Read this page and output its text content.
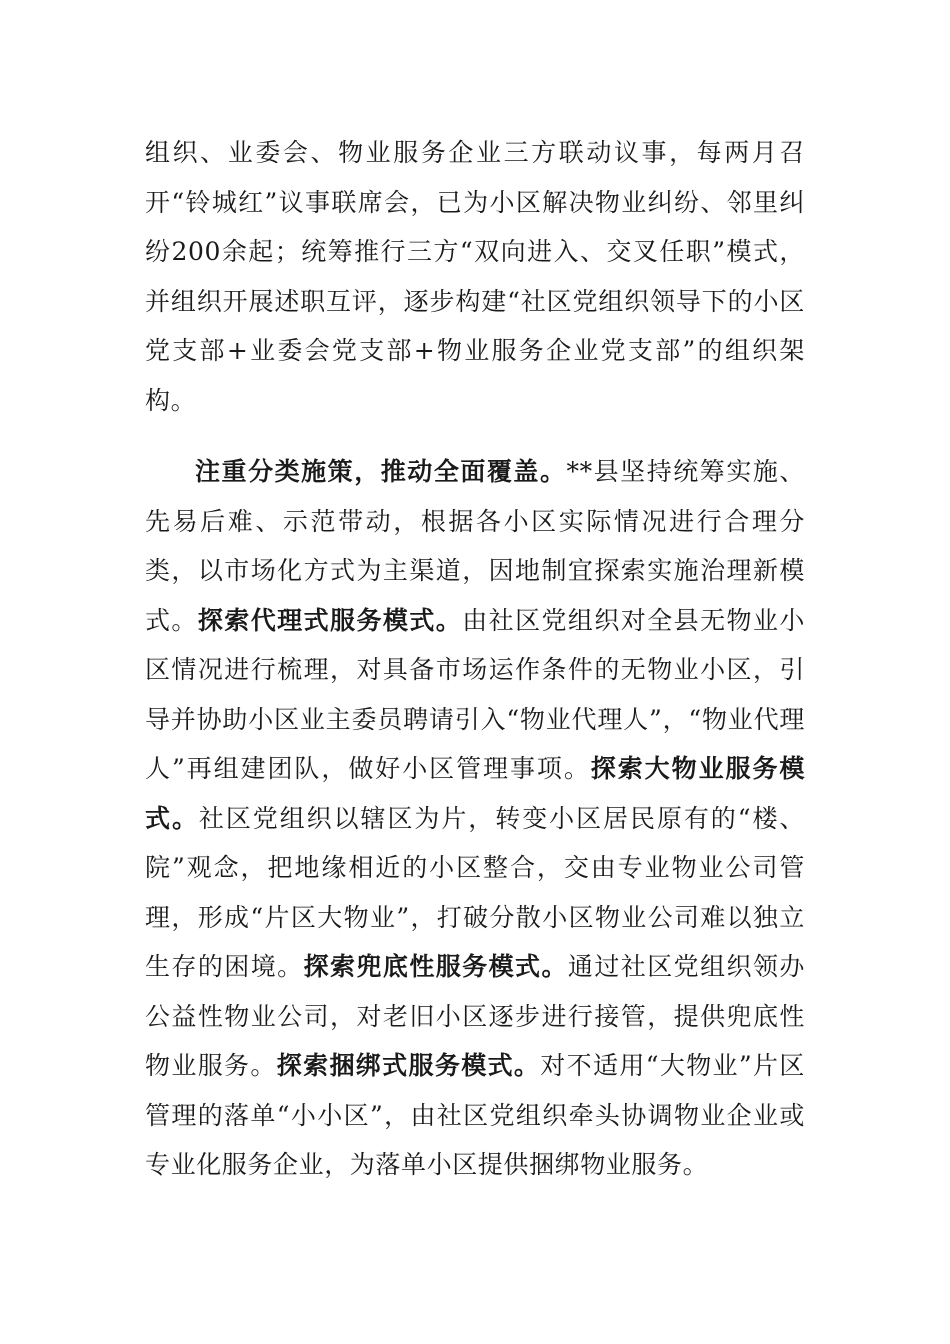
组织、业委会、物业服务企业三方联动议事，每两月召开“铃城红”议事联席会，已为小区解决物业纠纷、邻里纠纷200余起；统筹推行三方“双向进入、交叉任职”模式，并组织开展述职互评，逐步构建“社区党组织领导下的小区党支部+业委会党支部+物业服务企业党支部”的组织架构。

注重分类施策，推动全面覆盖。**县坚持统筹实施、先易后难、示范带动，根据各小区实际情况进行合理分类，以市场化方式为主渠道，因地制宜探索实施治理新模式。探索代理式服务模式。由社区党组织对全县无物业小区情况进行梳理，对具备市场运作条件的无物业小区，引导并协助小区业主委员聘请引入“物业代理人”，“物业代理人”再组建团队，做好小区管理事项。探索大物业服务模式。社区党组织以辖区为片，转变小区居民原有的“楼、院”观念，把地缘相近的小区整合，交由专业物业公司管理，形成“片区大物业”，打破分散小区物业公司难以独立生存的困境。探索兜底性服务模式。通过社区党组织领办公益性物业公司，对老旧小区逐步进行接管，提供兜底性物业服务。探索捆绑式服务模式。对不适用“大物业”片区管理的落单“小小区”，由社区党组织牵头协调物业企业或专业化服务企业，为落单小区提供捆绑物业服务。
